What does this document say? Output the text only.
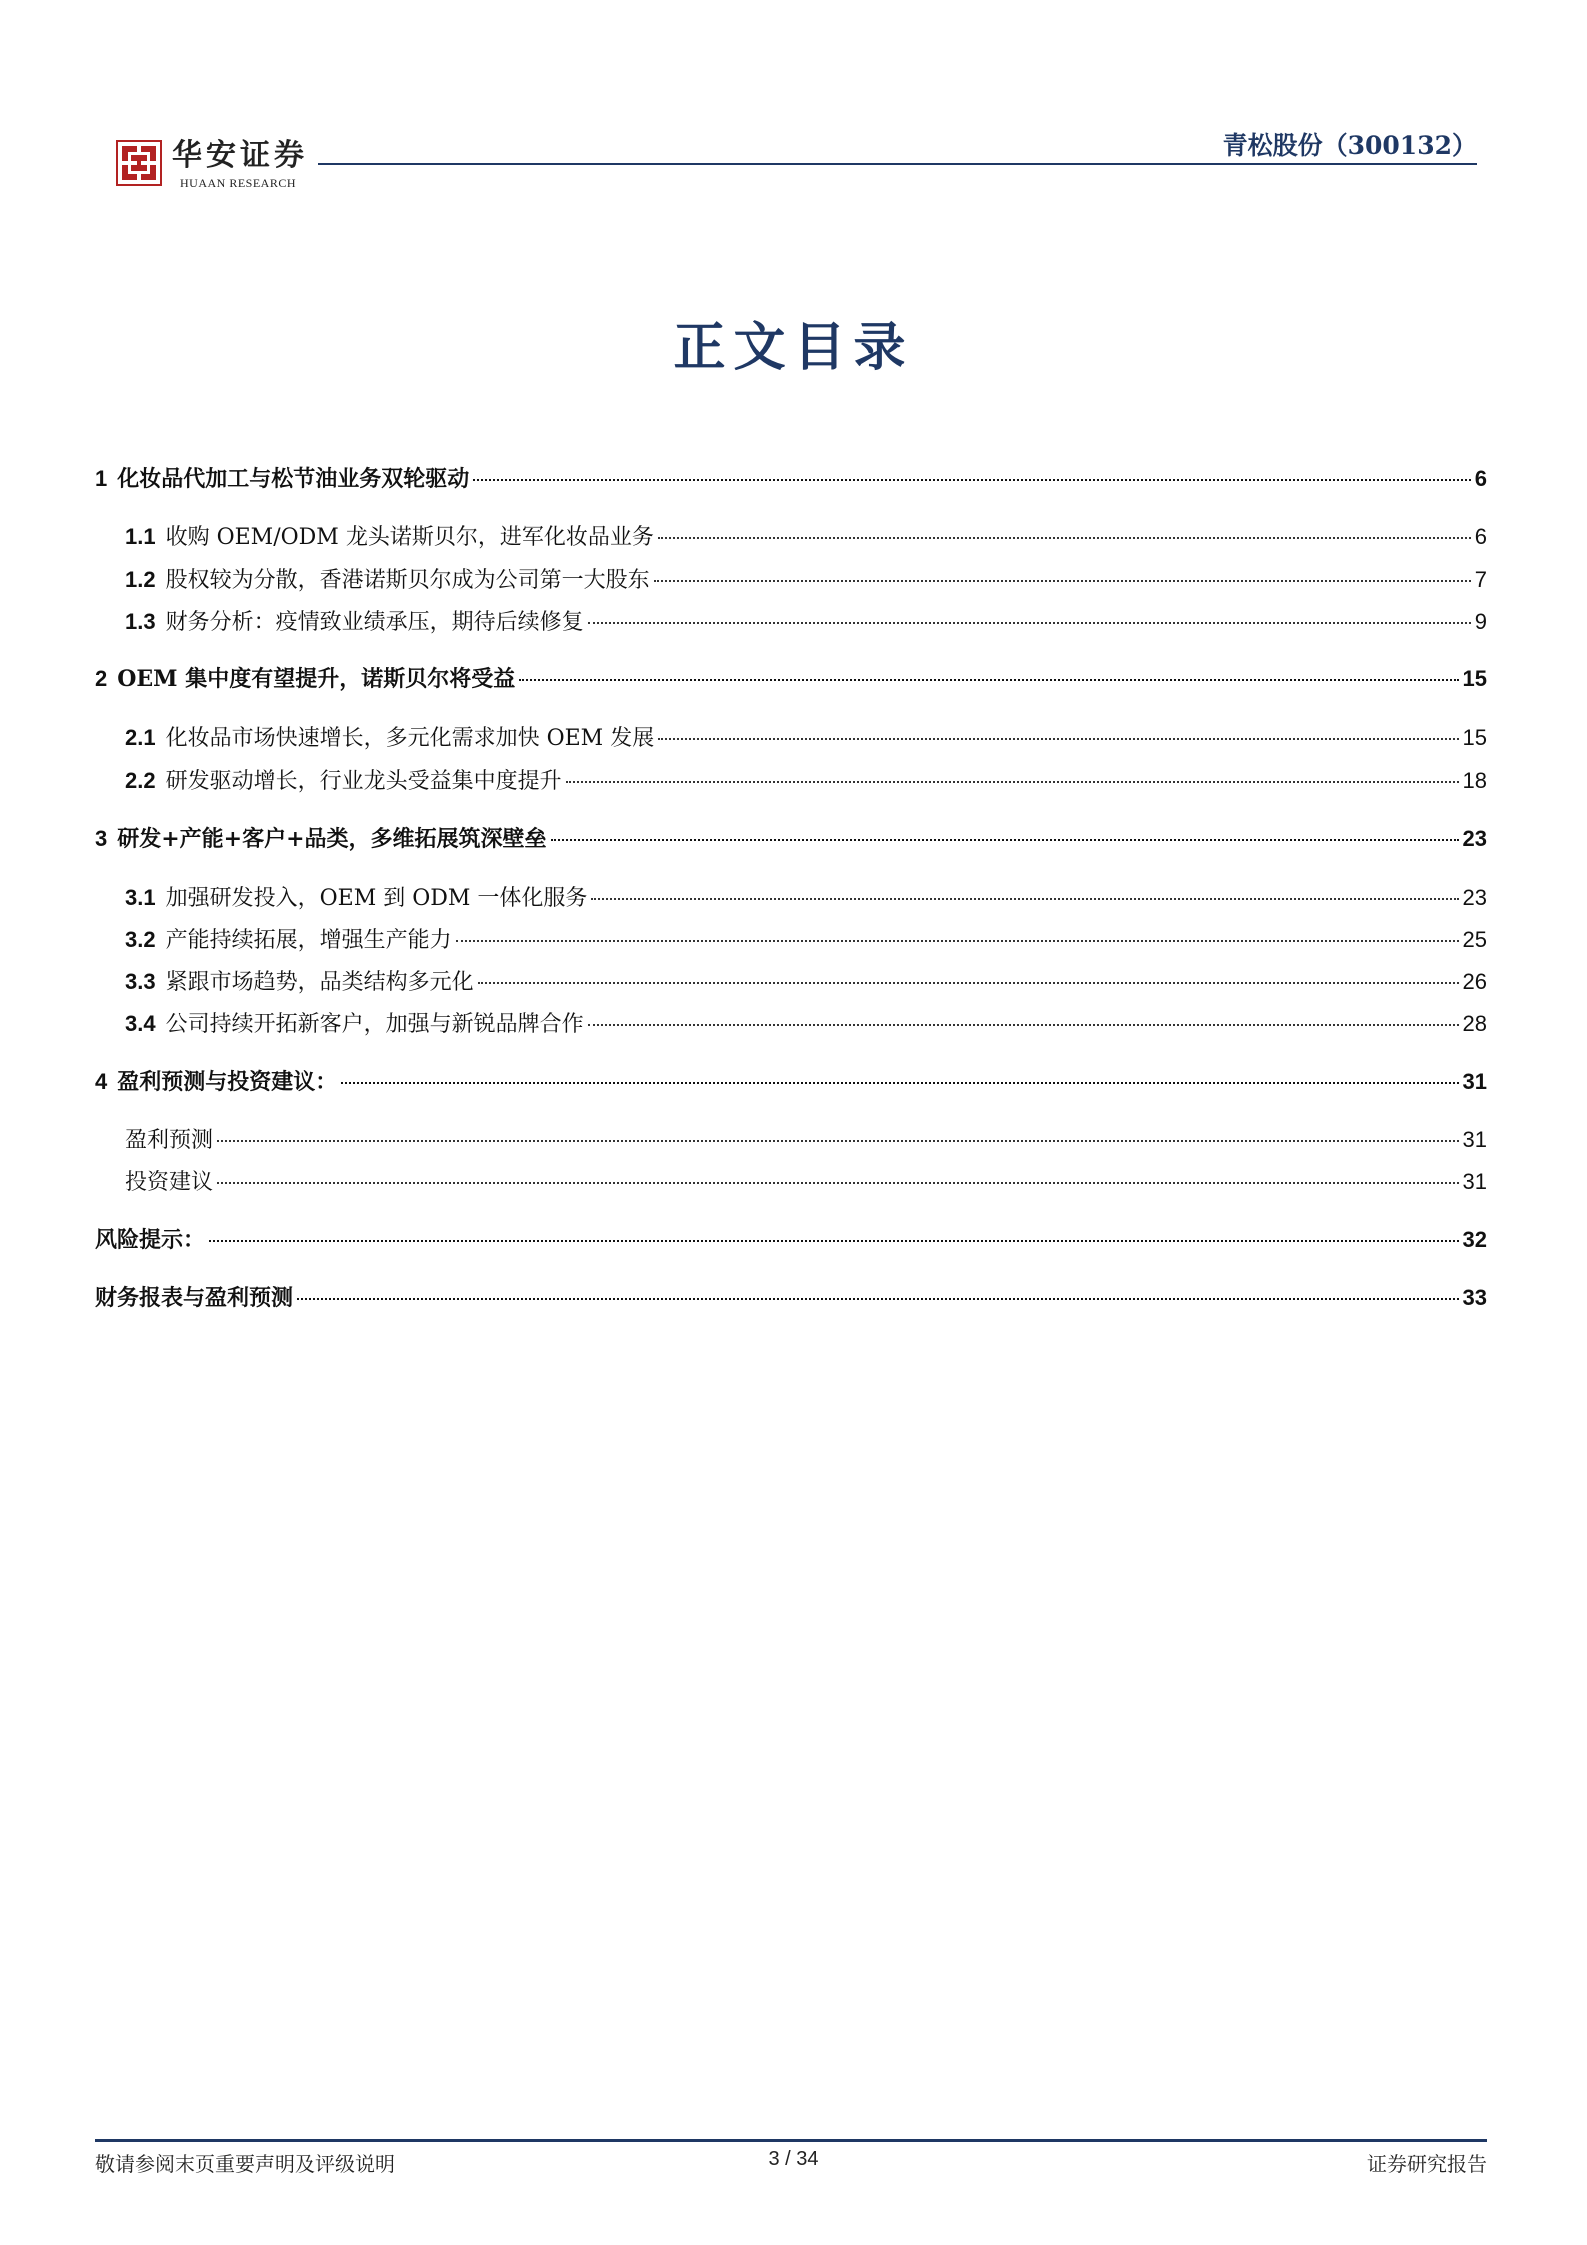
华安证券
HUAAN RESEARCH
青松股份（300132）
正文目录
1 化妆品代加工与松节油业务双轮驱动	6
1.1 收购 OEM/ODM 龙头诺斯贝尔，进军化妆品业务	6
1.2 股权较为分散，香港诺斯贝尔成为公司第一大股东	7
1.3 财务分析：疫情致业绩承压，期待后续修复	9
2 OEM 集中度有望提升，诺斯贝尔将受益	15
2.1 化妆品市场快速增长，多元化需求加快 OEM 发展	15
2.2 研发驱动增长，行业龙头受益集中度提升	18
3 研发+产能+客户+品类，多维拓展筑深壁垒	23
3.1 加强研发投入，OEM 到 ODM 一体化服务	23
3.2 产能持续拓展，增强生产能力	25
3.3 紧跟市场趋势，品类结构多元化	26
3.4 公司持续开拓新客户，加强与新锐品牌合作	28
4 盈利预测与投资建议：	31
盈利预测	31
投资建议	31
风险提示：	32
财务报表与盈利预测	33
敬请参阅末页重要声明及评级说明	3 / 34	证券研究报告
